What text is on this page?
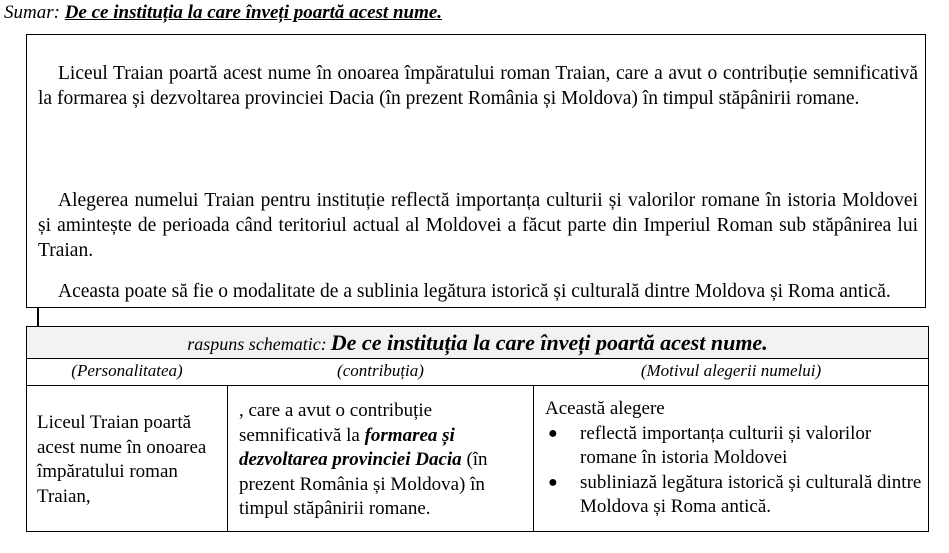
Sumar: De ce instituția la care înveți poartă acest nume.

Liceul Traian poartă acest nume în onoarea împăratului roman Traian, care a avut o contribuție semnificativă la formarea și dezvoltarea provinciei Dacia (în prezent România și Moldova) în timpul stăpânirii romane.

Alegerea numelui Traian pentru instituție reflectă importanța culturii și valorilor romane în istoria Moldovei și amintește de perioada când teritoriul actual al Moldovei a făcut parte din Imperiul Roman sub stăpânirea lui Traian.

Aceasta poate să fie o modalitate de a sublinia legătura istorică și culturală dintre Moldova și Roma antică.

raspuns schematic: De ce instituția la care înveți poartă acest nume.
(Personalitatea)	(contribuția)	(Motivul alegerii numelui)
Liceul Traian poartă acest nume în onoarea împăratului roman Traian,
, care a avut o contribuție semnificativă la formarea și dezvoltarea provinciei Dacia (în prezent România și Moldova) în timpul stăpânirii romane.
Această alegere
● reflectă importanța culturii și valorilor romane în istoria Moldovei
● subliniază legătura istorică și culturală dintre Moldova și Roma antică.
